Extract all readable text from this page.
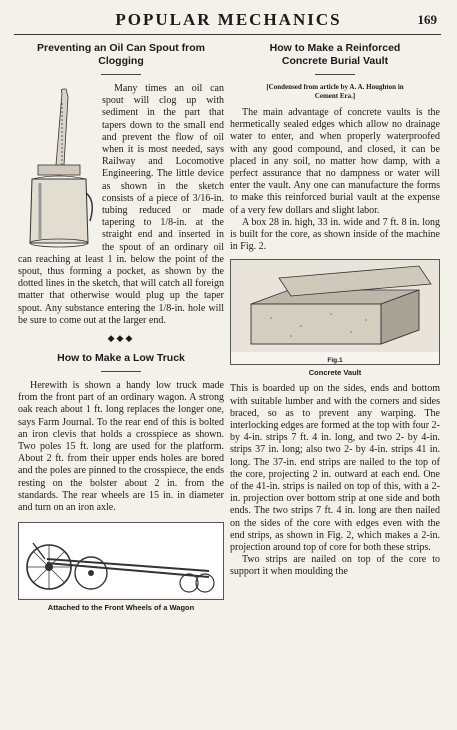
POPULAR MECHANICS	169
Preventing an Oil Can Spout from
Clogging

Many times an oil can spout will clog up with sediment in the part that tapers down to the small end and prevent the flow of oil when it is most needed, says Railway and Locomotive Engineering. The little device as shown in the sketch consists of a piece of 3/16-in. tubing reduced or made tapering to 1/8-in. at the straight end and inserted in the spout of an ordinary oil can reaching at least 1 in. below the point of the spout, thus forming a pocket, as shown by the dotted lines in the sketch, that will catch all foreign matter that otherwise would plug up the taper spout. Any substance entering the 1/8-in. hole will be sure to come out at the larger end.

◆◆◆
How to Make a Low Truck

Herewith is shown a handy low truck made from the front part of an ordinary wagon. A strong oak reach about 1 ft. long replaces the longer one, says Farm Journal. To the rear end of this is bolted an iron clevis that holds a crosspiece as shown. Two poles 15 ft. long are used for the platform. About 2 ft. from their upper ends holes are bored and the poles are pinned to the crosspiece, the ends resting on the bolster about 2 in. from the standards. The rear wheels are 15 in. in diameter and turn on an iron axle.

Attached to the Front Wheels of a Wagon
How to Make a Reinforced
Concrete Burial Vault
[Condensed from article by A. A. Houghton in
Cement Era.]

The main advantage of concrete vaults is the hermetically sealed edges which allow no drainage water to enter, and when properly waterproofed with any good compound, and closed, it can be placed in any soil, no matter how damp, with a perfect assurance that no dampness or water will enter the vault. Any one can manufacture the forms to make this reinforced burial vault at the expense of a very few dollars and slight labor.

A box 28 in. high, 33 in. wide and 7 ft. 8 in. long is built for the core, as shown inside of the machine in Fig. 2.

Fig.1
Concrete Vault

This is boarded up on the sides, ends and bottom with suitable lumber and with the corners and sides braced, so as to prevent any warping. The interlocking edges are formed at the top with four 2- by 4-in. strips 7 ft. 4 in. long, and two 2- by 4-in. strips 37 in. long; also two 2- by 4-in. strips 41 in. long. The 37-in. end strips are nailed to the top of the core, projecting 2 in. outward at each end. One of the 41-in. strips is nailed on top of this, with a 2-in. projection over bottom strip at one side and both ends. The two strips 7 ft. 4 in. long are then nailed on the sides of the core with edges even with the end strips, as shown in Fig. 2, which makes a 2-in. projection around top of core for both these strips.

Two strips are nailed on top of the core to support it when moulding the
